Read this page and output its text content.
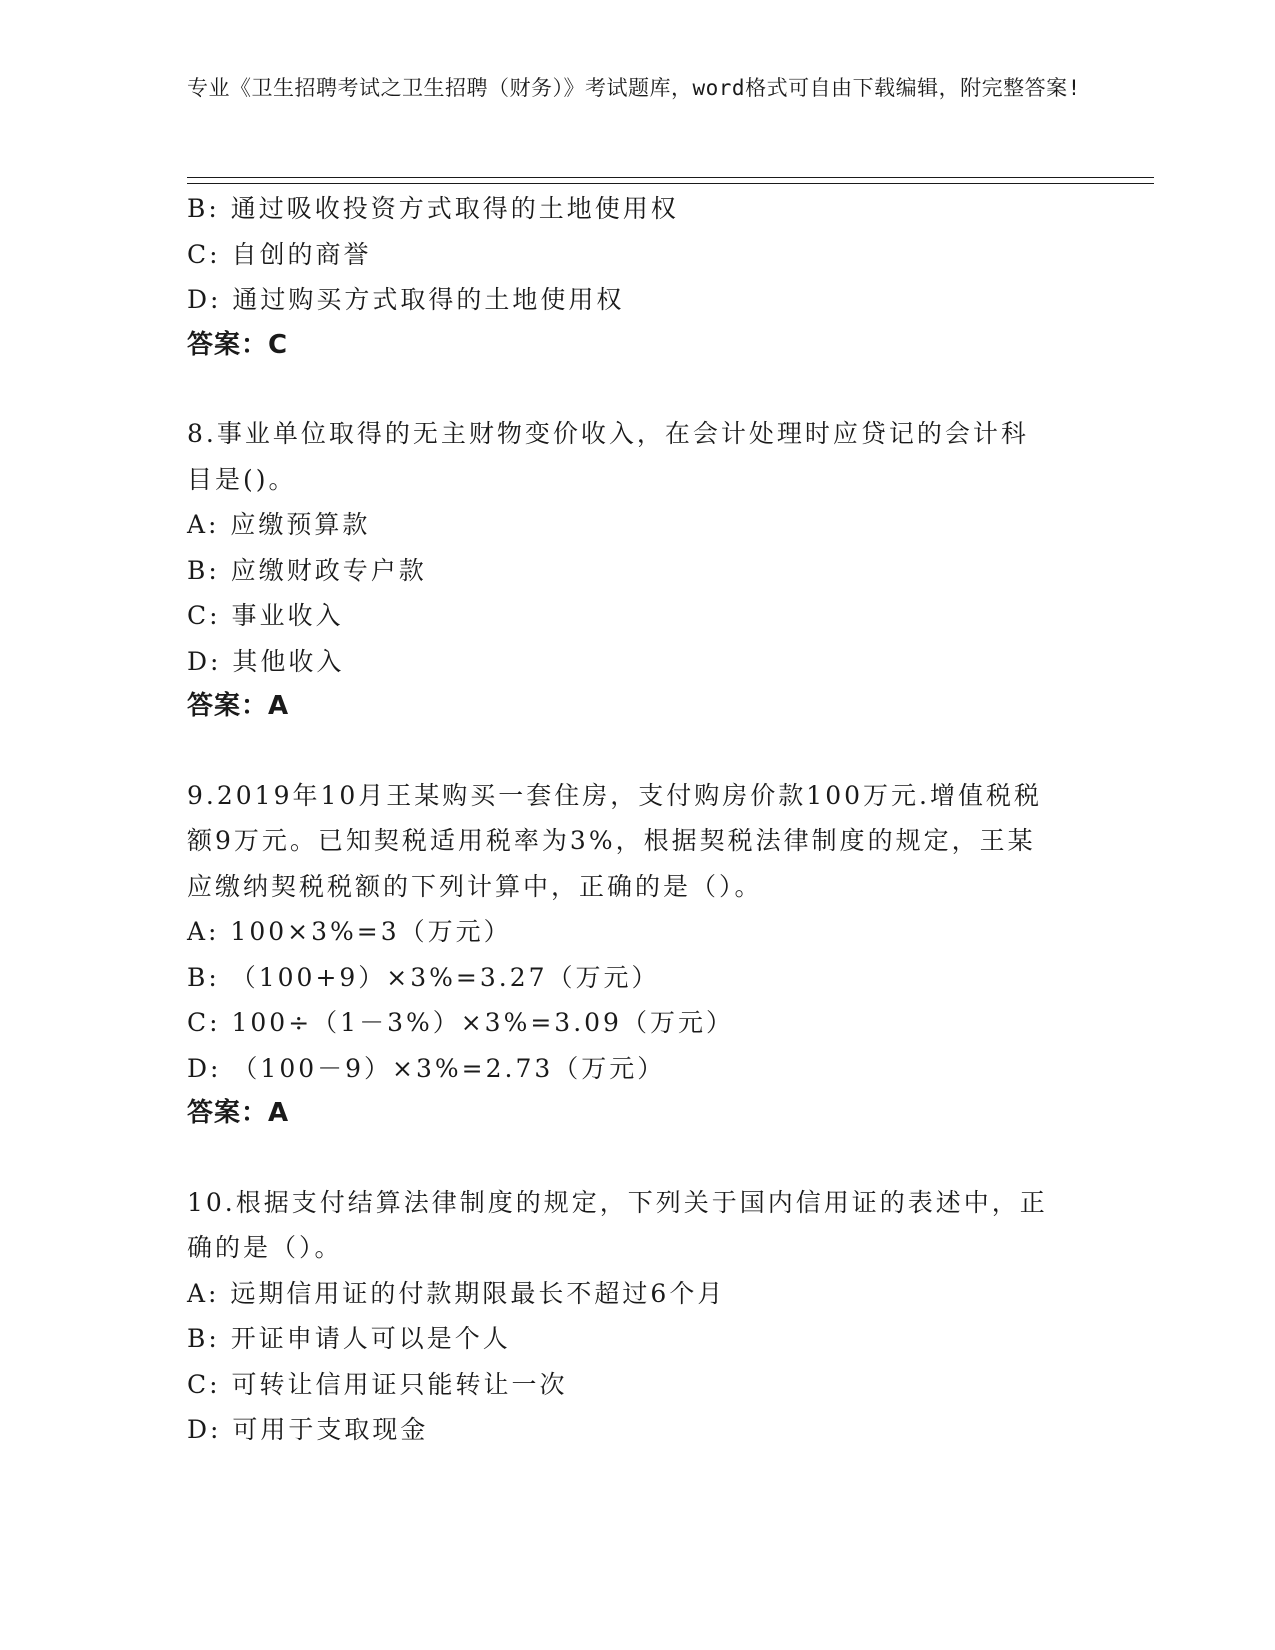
专业《卫生招聘考试之卫生招聘（财务）》考试题库，word格式可自由下载编辑，附完整答案!
B: 通过吸收投资方式取得的土地使用权
C: 自创的商誉
D: 通过购买方式取得的土地使用权
答案：C
8.事业单位取得的无主财物变价收入，在会计处理时应贷记的会计科
目是()。
A: 应缴预算款
B: 应缴财政专户款
C: 事业收入
D: 其他收入
答案：A
9.2019年10月王某购买一套住房，支付购房价款100万元.增值税税
额9万元。已知契税适用税率为3%，根据契税法律制度的规定，王某
应缴纳契税税额的下列计算中，正确的是（）。
A: 100×3%=3（万元）
B: （100+9）×3%=3.27（万元）
C: 100÷（1－3%）×3%=3.09（万元）
D: （100－9）×3%=2.73（万元）
答案：A
10.根据支付结算法律制度的规定，下列关于国内信用证的表述中，正
确的是（）。
A: 远期信用证的付款期限最长不超过6个月
B: 开证申请人可以是个人
C: 可转让信用证只能转让一次
D: 可用于支取现金
